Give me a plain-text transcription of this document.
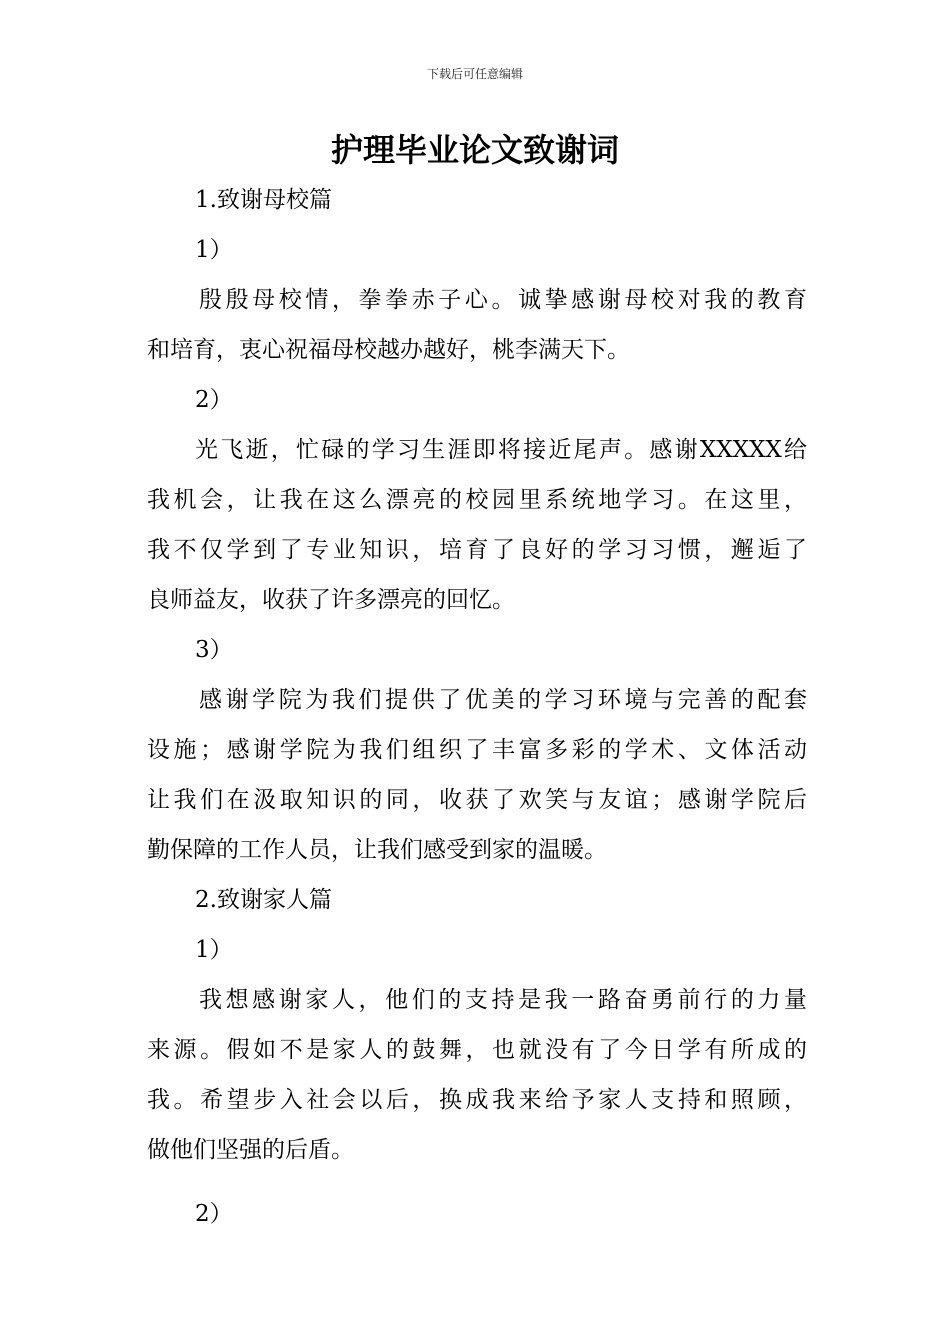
下载后可任意编辑
护理毕业论文致谢词
1.致谢母校篇
1）
殷殷母校情，拳拳赤子心。诚挚感谢母校对我的教育
和培育，衷心祝福母校越办越好，桃李满天下。
2）
光飞逝，忙碌的学习生涯即将接近尾声。感谢XXXXX给
我机会，让我在这么漂亮的校园里系统地学习。在这里，
我不仅学到了专业知识，培育了良好的学习习惯，邂逅了
良师益友，收获了许多漂亮的回忆。
3）
感谢学院为我们提供了优美的学习环境与完善的配套
设施；感谢学院为我们组织了丰富多彩的学术、文体活动
让我们在汲取知识的同，收获了欢笑与友谊；感谢学院后
勤保障的工作人员，让我们感受到家的温暖。
2.致谢家人篇
1）
我想感谢家人，他们的支持是我一路奋勇前行的力量
来源。假如不是家人的鼓舞，也就没有了今日学有所成的
我。希望步入社会以后，换成我来给予家人支持和照顾，
做他们坚强的后盾。
2）
